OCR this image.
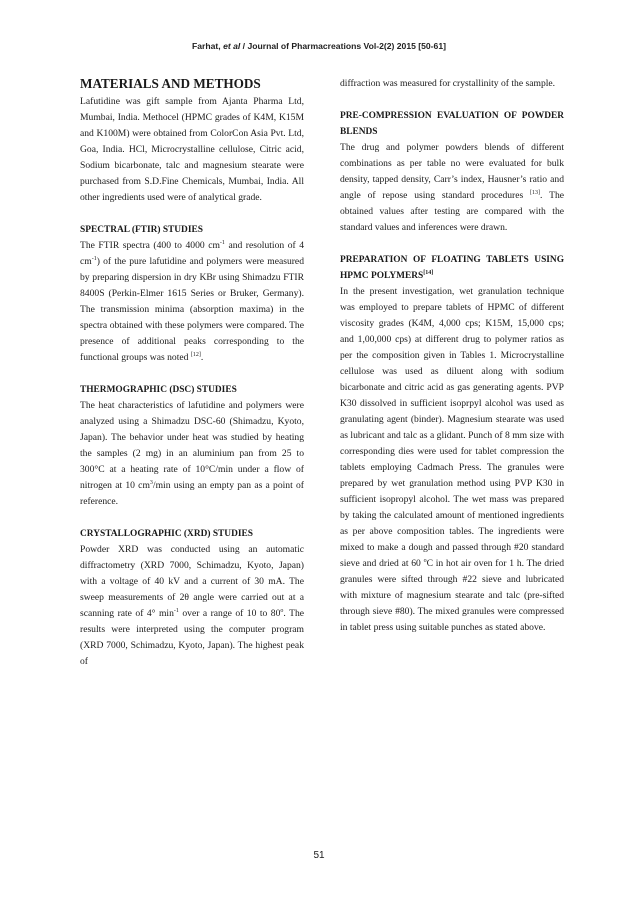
Farhat, et al / Journal of Pharmacreations Vol-2(2) 2015 [50-61]
MATERIALS AND METHODS

Lafutidine was gift sample from Ajanta Pharma Ltd, Mumbai, India. Methocel (HPMC grades of K4M, K15M and K100M) were obtained from ColorCon Asia Pvt. Ltd, Goa, India. HCl, Microcrystalline cellulose, Citric acid, Sodium bicarbonate, talc and magnesium stearate were purchased from S.D.Fine Chemicals, Mumbai, India. All other ingredients used were of analytical grade.

SPECTRAL (FTIR) STUDIES

The FTIR spectra (400 to 4000 $cm^{-1}$ and resolution of 4 $cm^{-1}$) of the pure lafutidine and polymers were measured by preparing dispersion in dry KBr using Shimadzu FTIR 8400S (Perkin-Elmer 1615 Series or Bruker, Germany). The transmission minima (absorption maxima) in the spectra obtained with these polymers were compared. The presence of additional peaks corresponding to the functional groups was noted [12].

THERMOGRAPHIC (DSC) STUDIES

The heat characteristics of lafutidine and polymers were analyzed using a Shimadzu DSC-60 (Shimadzu, Kyoto, Japan). The behavior under heat was studied by heating the samples (2 mg) in an aluminium pan from 25 to 300°C at a heating rate of 10°C/min under a flow of nitrogen at 10 $cm^3/\min$ using an empty pan as a point of reference.

CRYSTALLOGRAPHIC (XRD) STUDIES

Powder XRD was conducted using an automatic diffractometry (XRD 7000, Schimadzu, Kyoto, Japan) with a voltage of 40 kV and a current of 30 mA. The sweep measurements of 2θ angle were carried out at a scanning rate of 4° $\min^{-1}$ over a range of 10 to 80$^o$. The results were interpreted using the computer program (XRD 7000, Schimadzu, Kyoto, Japan). The highest peak of

diffraction was measured for crystallinity of the sample.

PRE-COMPRESSION EVALUATION OF POWDER BLENDS

The drug and polymer powders blends of different combinations as per table no were evaluated for bulk density, tapped density, Carr’s index, Hausner’s ratio and angle of repose using standard procedures [13]. The obtained values after testing are compared with the standard values and inferences were drawn.

PREPARATION OF FLOATING TABLETS USING HPMC POLYMERS[14]

In the present investigation, wet granulation technique was employed to prepare tablets of HPMC of different viscosity grades (K4M, 4,000 cps; K15M, 15,000 cps; and 1,00,000 cps) at different drug to polymer ratios as per the composition given in Tables 1. Microcrystalline cellulose was used as diluent along with sodium bicarbonate and citric acid as gas generating agents. PVP K30 dissolved in sufficient isoprpyl alcohol was used as granulating agent (binder). Magnesium stearate was used as lubricant and talc as a glidant. Punch of 8 mm size with corresponding dies were used for tablet compression the tablets employing Cadmach Press. The granules were prepared by wet granulation method using PVP K30 in sufficient isopropyl alcohol. The wet mass was prepared by taking the calculated amount of mentioned ingredients as per above composition tables. The ingredients were mixed to make a dough and passed through #20 standard sieve and dried at 60 $^o$C in hot air oven for 1 h. The dried granules were sifted through #22 sieve and lubricated with mixture of magnesium stearate and talc (pre-sifted through sieve #80). The mixed granules were compressed in tablet press using suitable punches as stated above.

51
